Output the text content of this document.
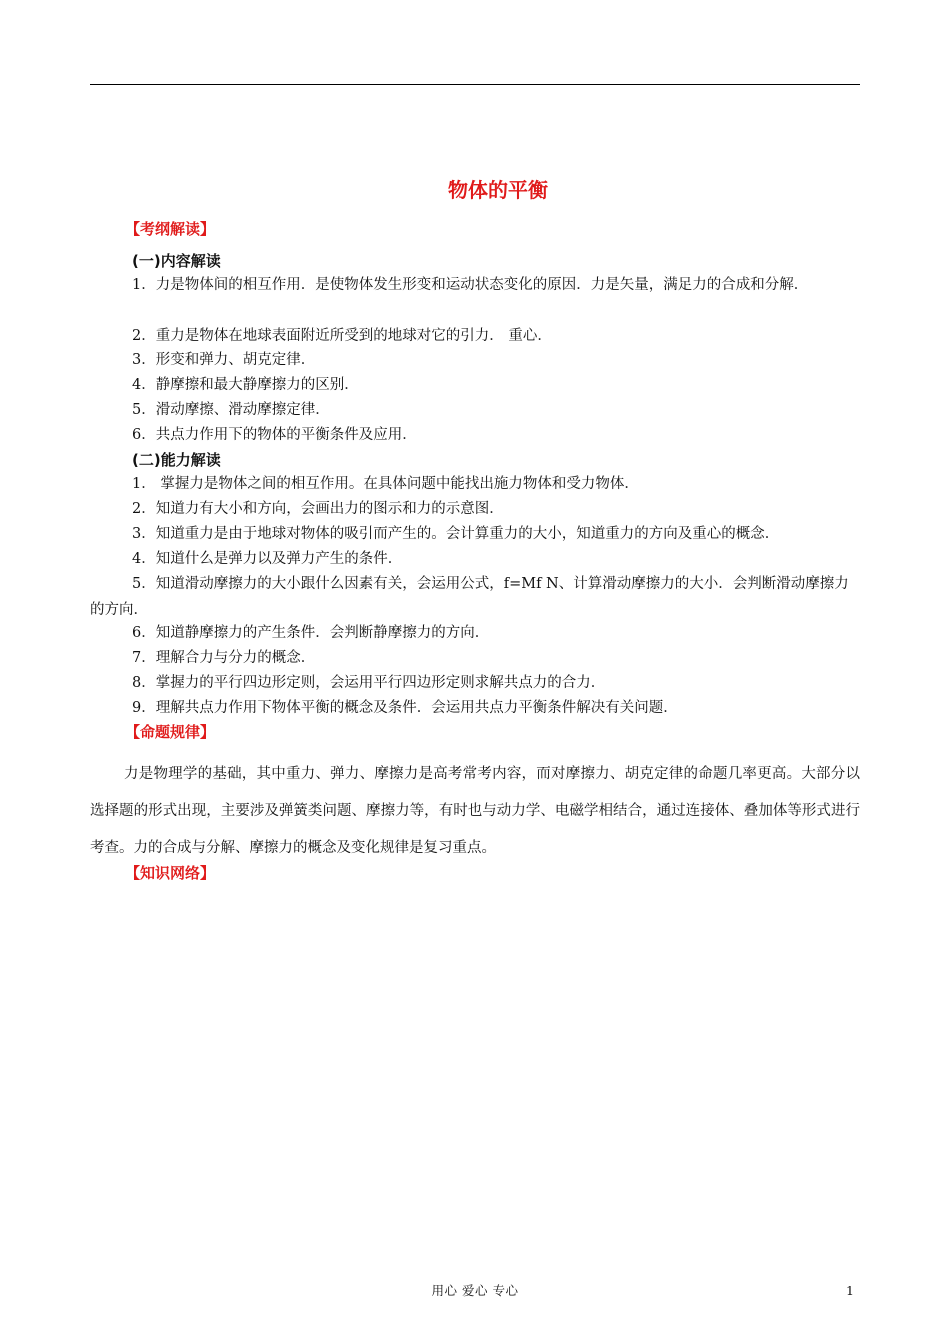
物体的平衡
【考纲解读】
(一)内容解读
1．力是物体间的相互作用．是使物体发生形变和运动状态变化的原因．力是矢量，满足力的合成和分解．
2．重力是物体在地球表面附近所受到的地球对它的引力． 重心．
3．形变和弹力、胡克定律．
4．静摩擦和最大静摩擦力的区别．
5．滑动摩擦、滑动摩擦定律．
6．共点力作用下的物体的平衡条件及应用．
(二)能力解读
1． 掌握力是物体之间的相互作用。在具体问题中能找出施力物体和受力物体．
2．知道力有大小和方向，会画出力的图示和力的示意图．
3．知道重力是由于地球对物体的吸引而产生的。会计算重力的大小，知道重力的方向及重心的概念．
4．知道什么是弹力以及弹力产生的条件．
5．知道滑动摩擦力的大小跟什么因素有关，会运用公式，f=Μf N、计算滑动摩擦力的大小．会判断滑动摩擦力的方向．
6．知道静摩擦力的产生条件．会判断静摩擦力的方向．
7．理解合力与分力的概念．
8．掌握力的平行四边形定则，会运用平行四边形定则求解共点力的合力．
9．理解共点力作用下物体平衡的概念及条件．会运用共点力平衡条件解决有关问题．
【命题规律】
力是物理学的基础，其中重力、弹力、摩擦力是高考常考内容，而对摩擦力、胡克定律的命题几率更高。大部分以选择题的形式出现，主要涉及弹簧类问题、摩擦力等，有时也与动力学、电磁学相结合，通过连接体、叠加体等形式进行考查。力的合成与分解、摩擦力的概念及变化规律是复习重点。
【知识网络】
用心 爱心 专心	1
